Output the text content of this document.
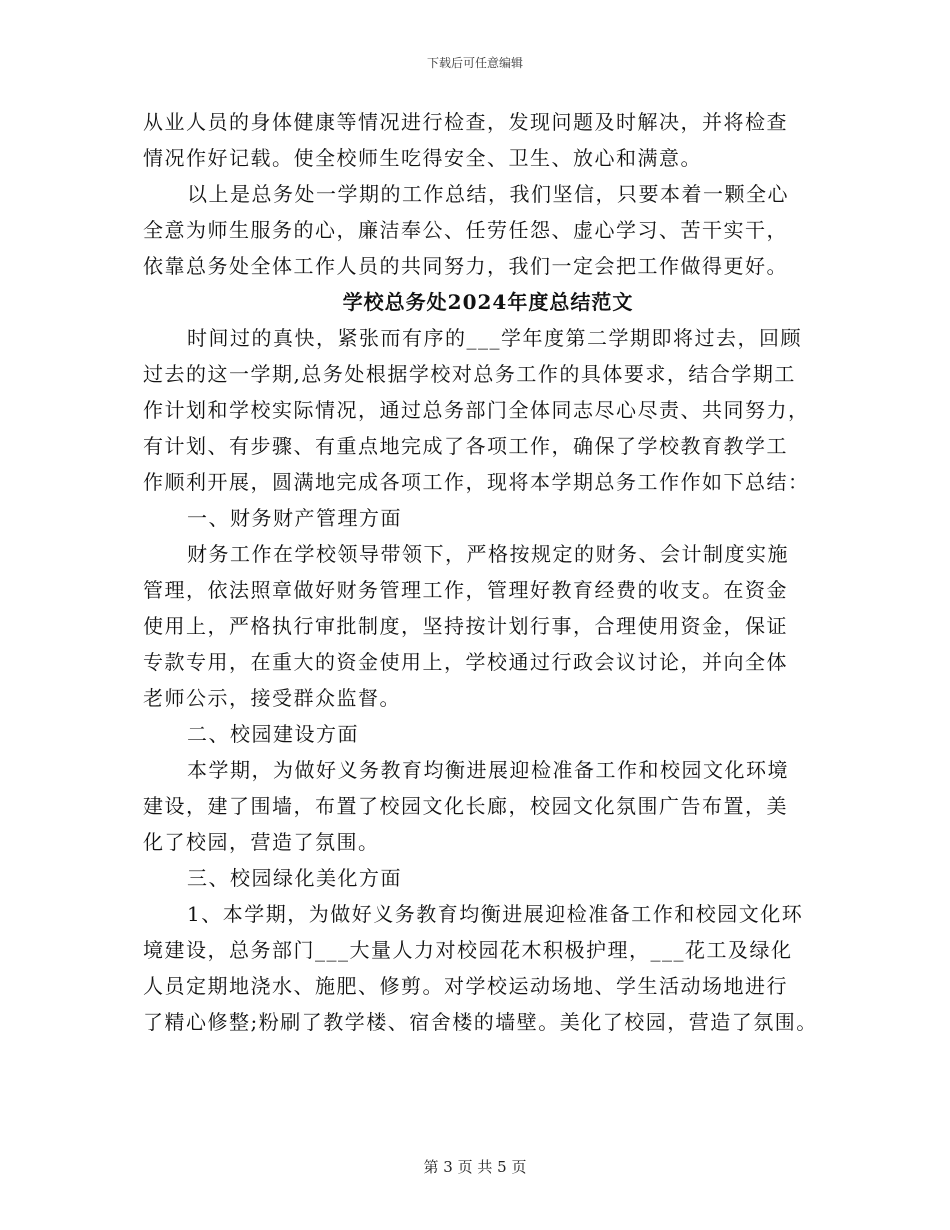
下载后可任意编辑
从业人员的身体健康等情况进行检查，发现问题及时解决，并将检查
情况作好记载。使全校师生吃得安全、卫生、放心和满意。
以上是总务处一学期的工作总结，我们坚信，只要本着一颗全心
全意为师生服务的心，廉洁奉公、任劳任怨、虚心学习、苦干实干，
依靠总务处全体工作人员的共同努力，我们一定会把工作做得更好。
学校总务处2024年度总结范文
时间过的真快，紧张而有序的___学年度第二学期即将过去，回顾
过去的这一学期,总务处根据学校对总务工作的具体要求，结合学期工
作计划和学校实际情况，通过总务部门全体同志尽心尽责、共同努力，
有计划、有步骤、有重点地完成了各项工作，确保了学校教育教学工
作顺利开展，圆满地完成各项工作，现将本学期总务工作作如下总结：
一、财务财产管理方面
财务工作在学校领导带领下，严格按规定的财务、会计制度实施
管理，依法照章做好财务管理工作，管理好教育经费的收支。在资金
使用上，严格执行审批制度，坚持按计划行事，合理使用资金，保证
专款专用，在重大的资金使用上，学校通过行政会议讨论，并向全体
老师公示，接受群众监督。
二、校园建设方面
本学期，为做好义务教育均衡进展迎检准备工作和校园文化环境
建设，建了围墙，布置了校园文化长廊，校园文化氛围广告布置，美
化了校园，营造了氛围。
三、校园绿化美化方面
1、本学期，为做好义务教育均衡进展迎检准备工作和校园文化环
境建设，总务部门___大量人力对校园花木积极护理，___花工及绿化
人员定期地浇水、施肥、修剪。对学校运动场地、学生活动场地进行
了精心修整;粉刷了教学楼、宿舍楼的墙壁。美化了校园，营造了氛围。
第 3 页 共 5 页
